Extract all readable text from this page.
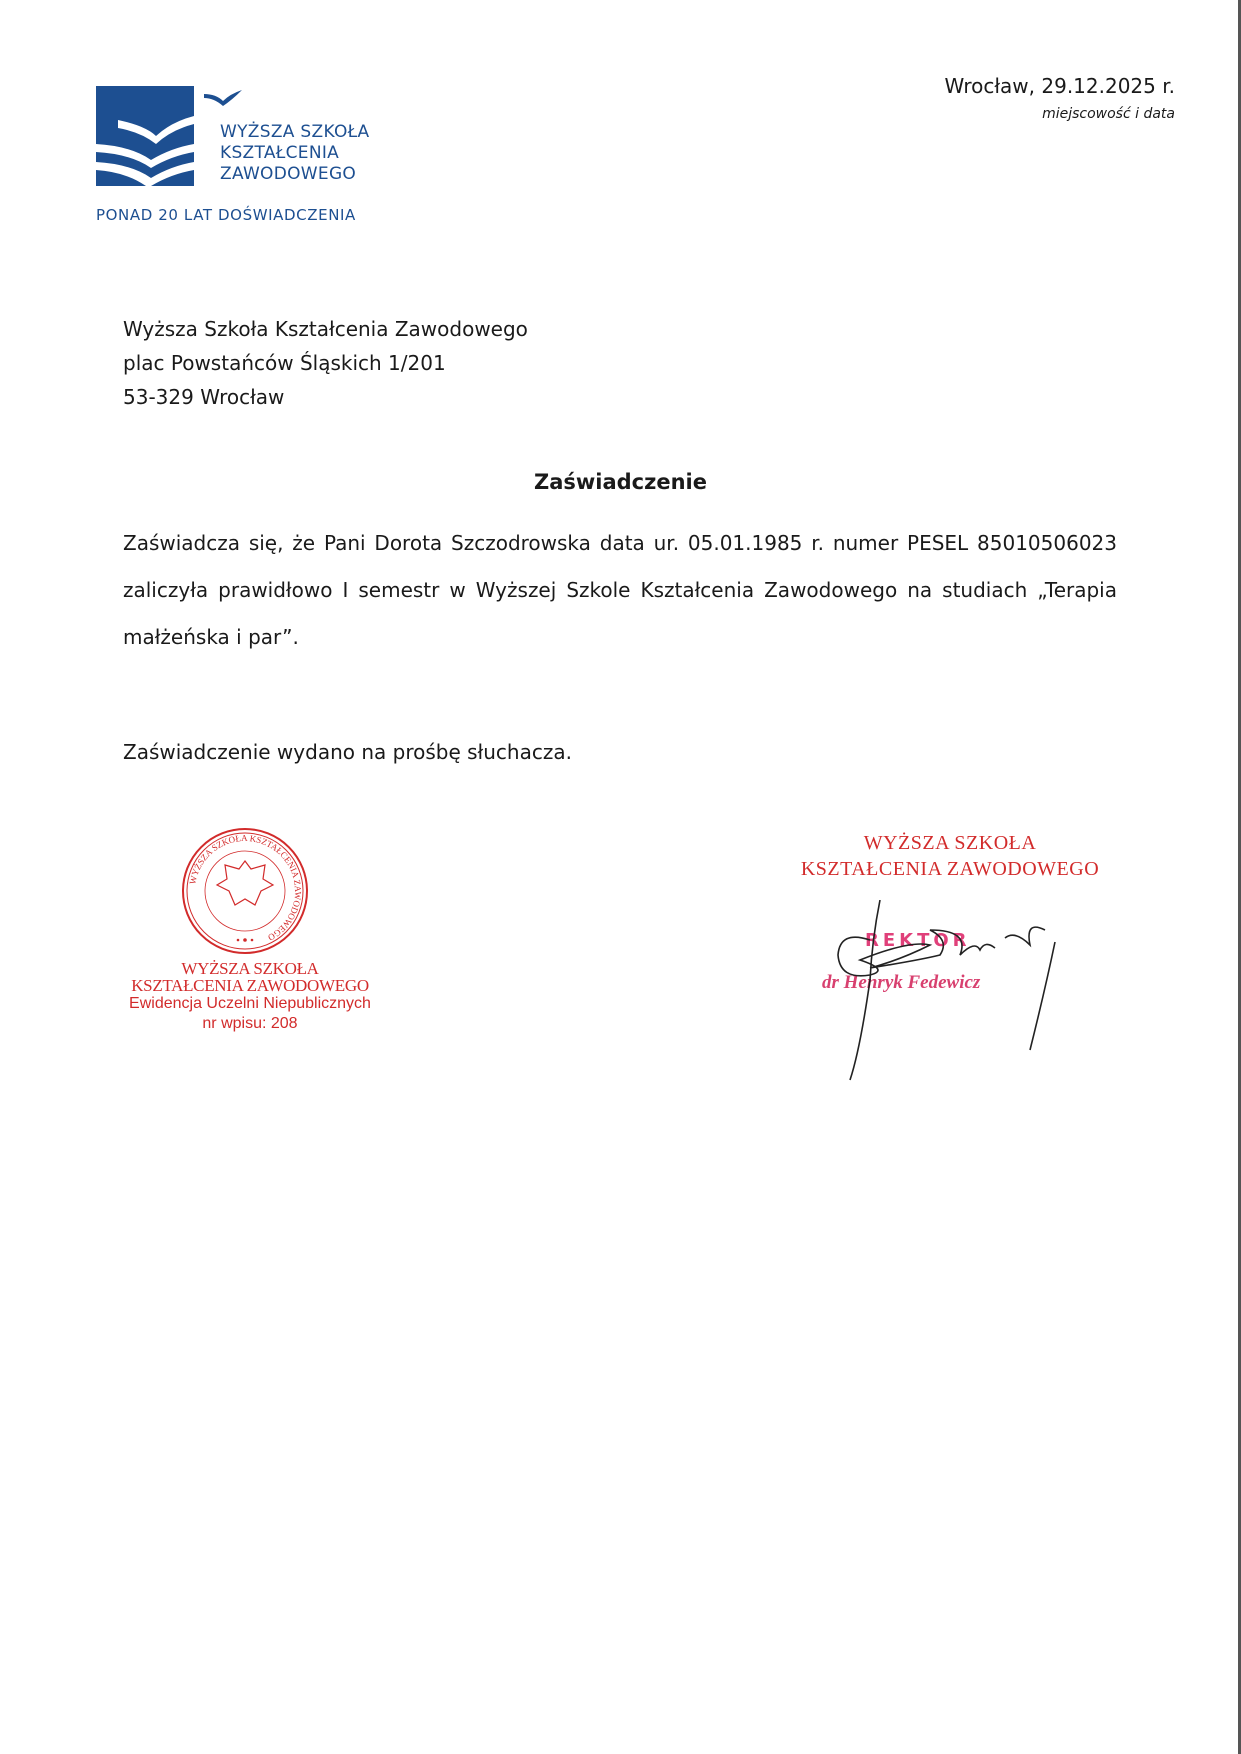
WYŻSZA SZKOŁA
KSZTAŁCENIA
ZAWODOWEGO
PONAD 20 LAT DOŚWIADCZENIA
Wrocław, 29.12.2025 r.
miejscowość i data
Wyższa Szkoła Kształcenia Zawodowego
plac Powstańców Śląskich 1/201
53-329 Wrocław
Zaświadczenie
Zaświadcza się, że Pani Dorota Szczodrowska data ur. 05.01.1985 r. numer PESEL 85010506023 zaliczyła prawidłowo I semestr w Wyższej Szkole Kształcenia Zawodowego na studiach „Terapia małżeńska i par”.
Zaświadczenie wydano na prośbę słuchacza.
WYŻSZA SZKOŁA KSZTAŁCENIA ZAWODOWEGO
WYŻSZA SZKOŁA
KSZTAŁCENIA ZAWODOWEGO
Ewidencja Uczelni Niepublicznych
nr wpisu: 208
WYŻSZA SZKOŁA
KSZTAŁCENIA ZAWODOWEGO
REKTOR
dr Henryk Fedewicz
